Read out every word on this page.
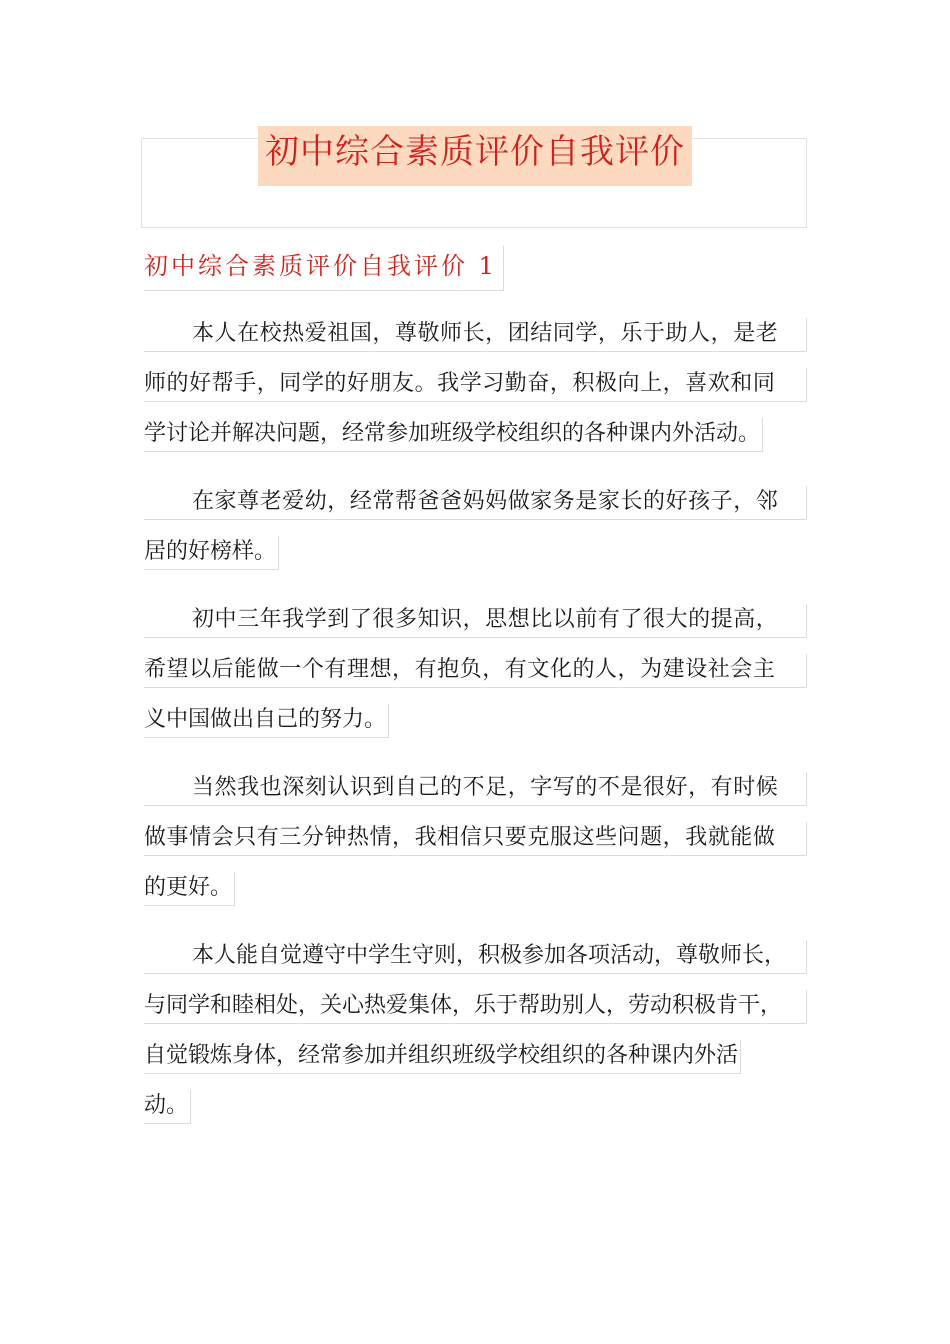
初中综合素质评价自我评价
初中综合素质评价自我评价 1
本人在校热爱祖国，尊敬师长，团结同学，乐于助人，是老
师的好帮手，同学的好朋友。我学习勤奋，积极向上，喜欢和同
学讨论并解决问题，经常参加班级学校组织的各种课内外活动。
在家尊老爱幼，经常帮爸爸妈妈做家务是家长的好孩子，邻
居的好榜样。
初中三年我学到了很多知识，思想比以前有了很大的提高，
希望以后能做一个有理想，有抱负，有文化的人，为建设社会主
义中国做出自己的努力。
当然我也深刻认识到自己的不足，字写的不是很好，有时候
做事情会只有三分钟热情，我相信只要克服这些问题，我就能做
的更好。
本人能自觉遵守中学生守则，积极参加各项活动，尊敬师长，
与同学和睦相处，关心热爱集体，乐于帮助别人，劳动积极肯干，
自觉锻炼身体，经常参加并组织班级学校组织的各种课内外活
动。
